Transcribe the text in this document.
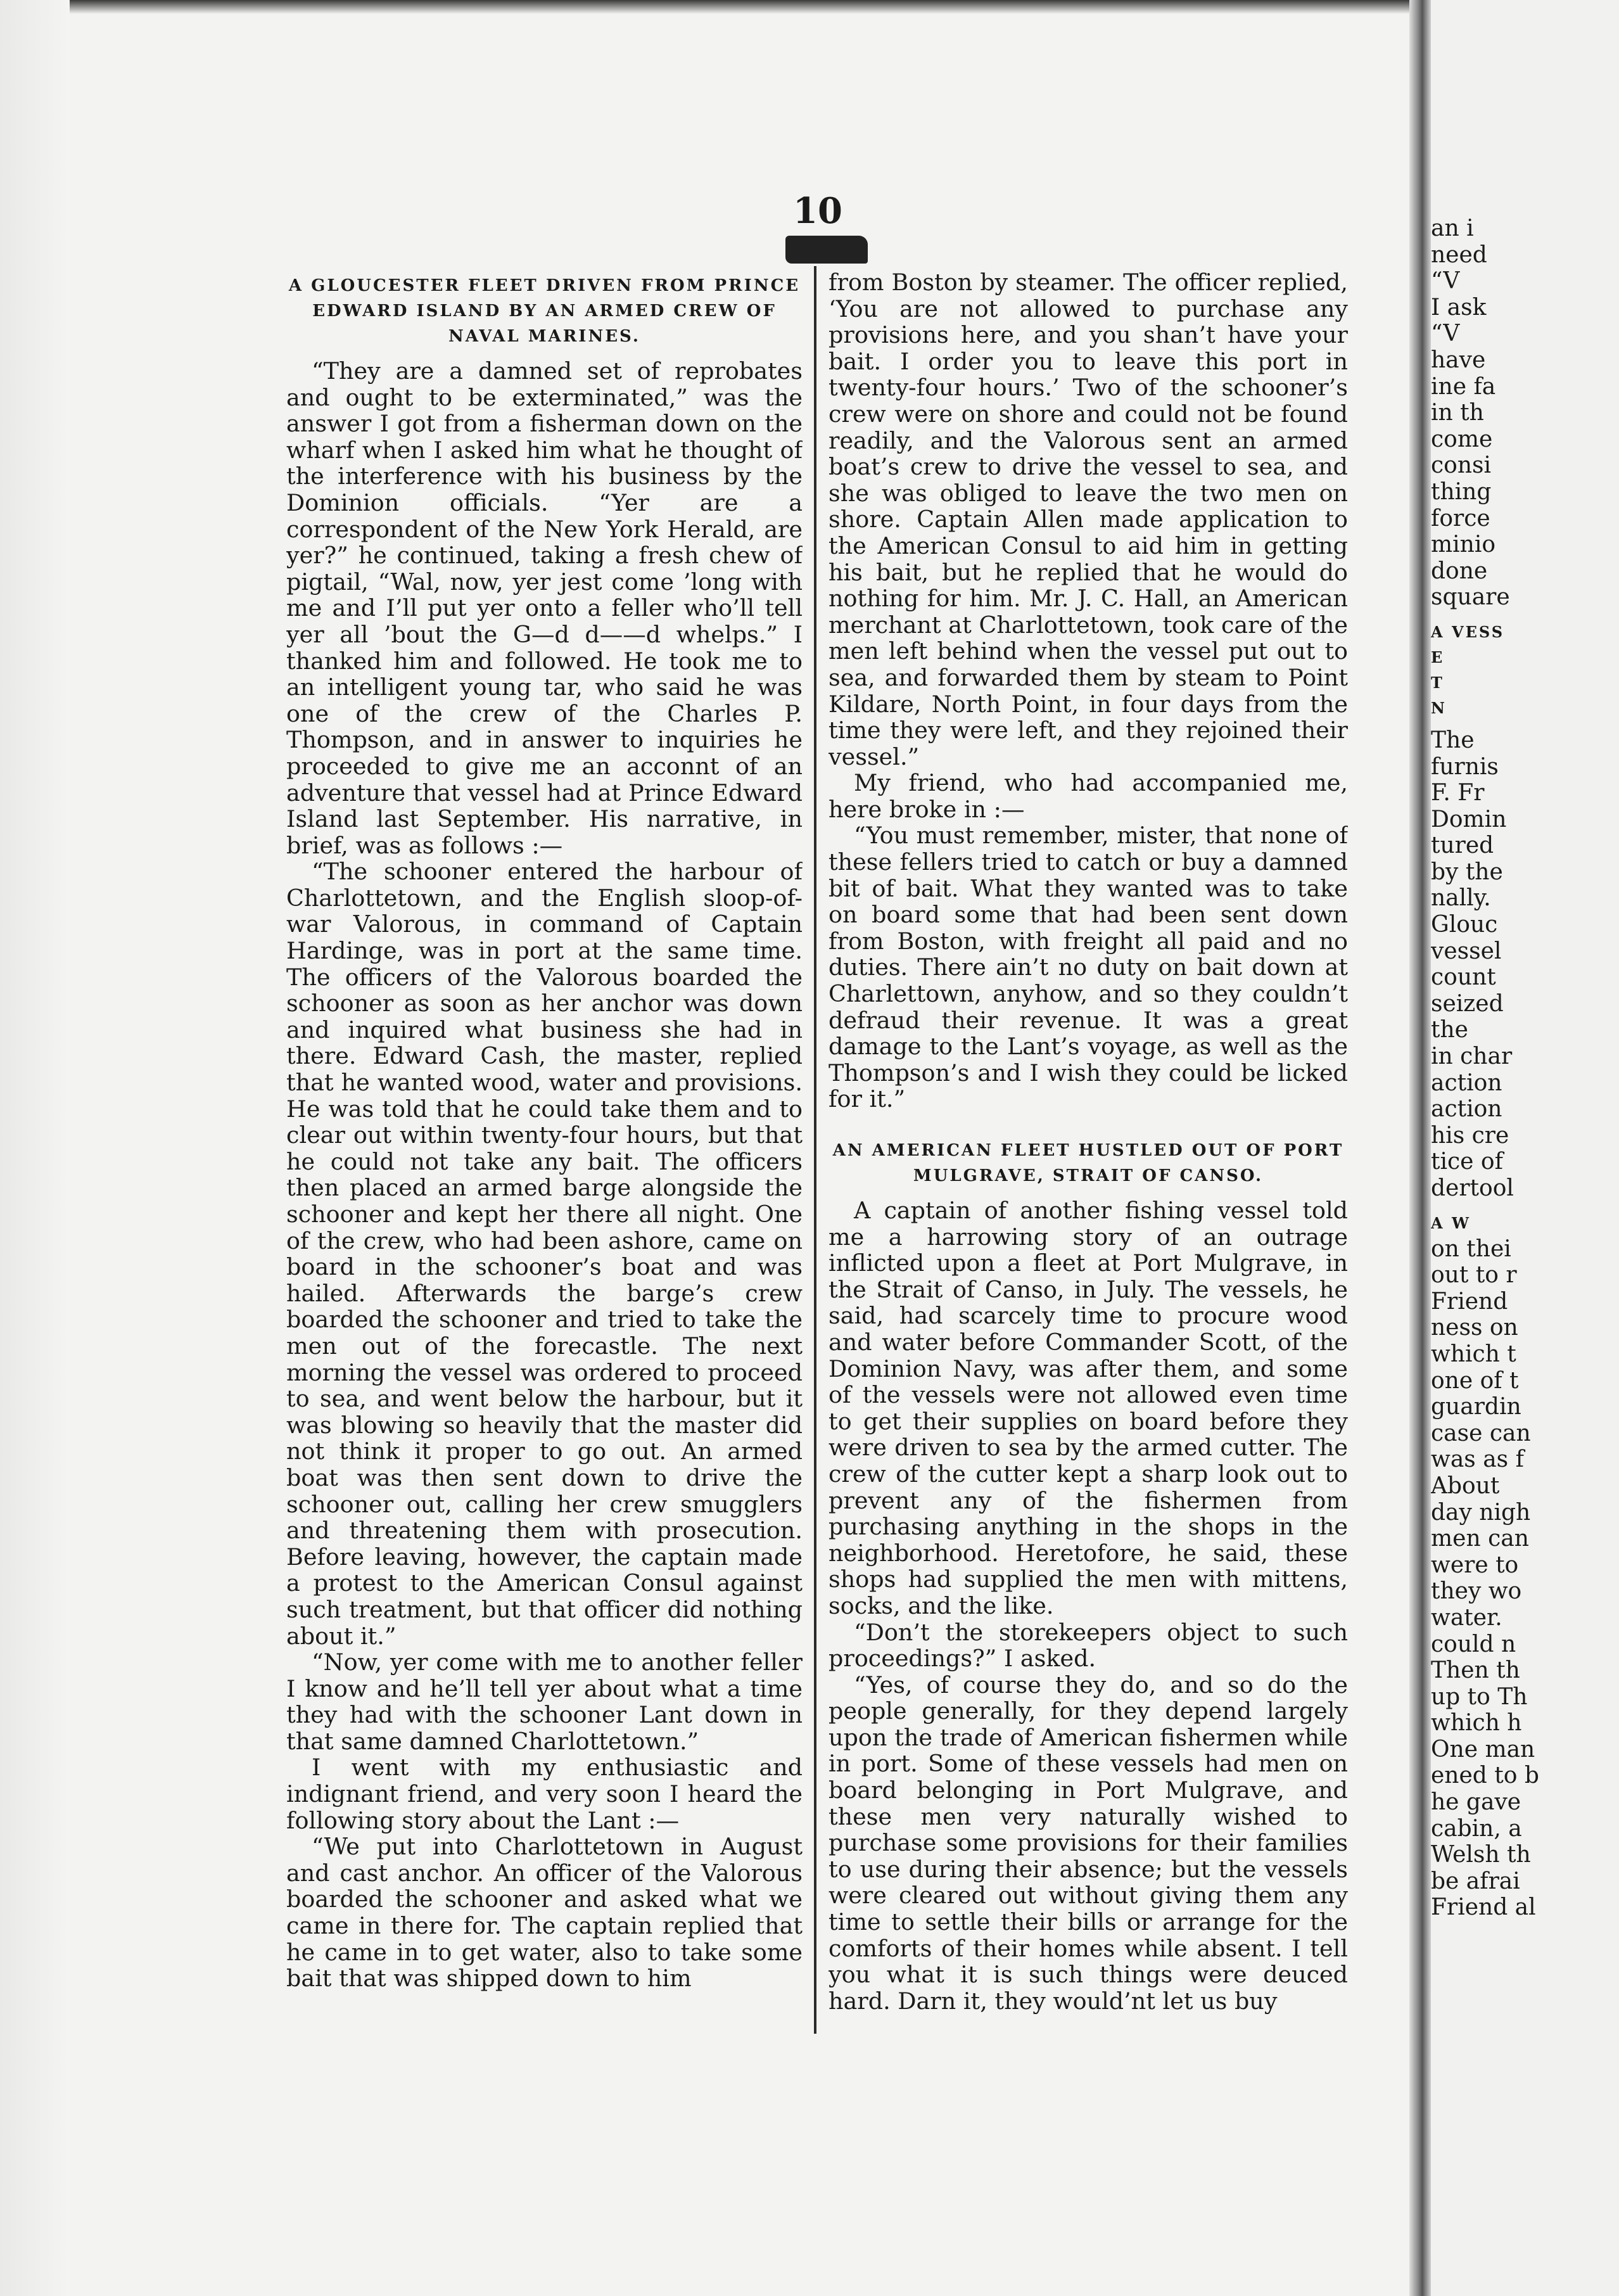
10
A GLOUCESTER FLEET DRIVEN FROM PRINCE EDWARD ISLAND BY AN ARMED CREW OF NAVAL MARINES.

“They are a damned set of reprobates and ought to be exterminated,” was the answer I got from a fisherman down on the wharf when I asked him what he thought of the interference with his business by the Dominion officials. “Yer are a correspondent of the New York Herald, are yer?” he continued, taking a fresh chew of pigtail, “Wal, now, yer jest come ’long with me and I’ll put yer onto a feller who’ll tell yer all ’bout the G—d d——d whelps.” I thanked him and followed. He took me to an intelligent young tar, who said he was one of the crew of the Charles P. Thompson, and in answer to inquiries he proceeded to give me an acconnt of an adventure that vessel had at Prince Edward Island last September. His narrative, in brief, was as follows :—

“The schooner entered the harbour of Charlottetown, and the English sloop-of-war Valorous, in command of Captain Hardinge, was in port at the same time. The officers of the Valorous boarded the schooner as soon as her anchor was down and inquired what business she had in there. Edward Cash, the master, replied that he wanted wood, water and provisions. He was told that he could take them and to clear out within twenty-four hours, but that he could not take any bait. The officers then placed an armed barge alongside the schooner and kept her there all night. One of the crew, who had been ashore, came on board in the schooner’s boat and was hailed. Afterwards the barge’s crew boarded the schooner and tried to take the men out of the forecastle. The next morning the vessel was ordered to proceed to sea, and went below the harbour, but it was blowing so heavily that the master did not think it proper to go out. An armed boat was then sent down to drive the schooner out, calling her crew smugglers and threatening them with prosecution. Before leaving, however, the captain made a protest to the American Consul against such treatment, but that officer did nothing about it.”

“Now, yer come with me to another feller I know and he’ll tell yer about what a time they had with the schooner Lant down in that same damned Charlottetown.”

I went with my enthusiastic and indignant friend, and very soon I heard the following story about the Lant :—

“We put into Charlottetown in August and cast anchor. An officer of the Valorous boarded the schooner and asked what we came in there for. The captain replied that he came in to get water, also to take some bait that was shipped down to him

from Boston by steamer. The officer replied, ‘You are not allowed to purchase any provisions here, and you shan’t have your bait. I order you to leave this port in twenty-four hours.’ Two of the schooner’s crew were on shore and could not be found readily, and the Valorous sent an armed boat’s crew to drive the vessel to sea, and she was obliged to leave the two men on shore. Captain Allen made application to the American Consul to aid him in getting his bait, but he replied that he would do nothing for him. Mr. J. C. Hall, an American merchant at Charlottetown, took care of the men left behind when the vessel put out to sea, and forwarded them by steam to Point Kildare, North Point, in four days from the time they were left, and they rejoined their vessel.”

My friend, who had accompanied me, here broke in :—

“You must remember, mister, that none of these fellers tried to catch or buy a damned bit of bait. What they wanted was to take on board some that had been sent down from Boston, with freight all paid and no duties. There ain’t no duty on bait down at Charlettown, anyhow, and so they couldn’t defraud their revenue. It was a great damage to the Lant’s voyage, as well as the Thompson’s and I wish they could be licked for it.”

AN AMERICAN FLEET HUSTLED OUT OF PORT MULGRAVE, STRAIT OF CANSO.

A captain of another fishing vessel told me a harrowing story of an outrage inflicted upon a fleet at Port Mulgrave, in the Strait of Canso, in July. The vessels, he said, had scarcely time to procure wood and water before Commander Scott, of the Dominion Navy, was after them, and some of the vessels were not allowed even time to get their supplies on board before they were driven to sea by the armed cutter. The crew of the cutter kept a sharp look out to prevent any of the fishermen from purchasing anything in the shops in the neighborhood. Heretofore, he said, these shops had supplied the men with mittens, socks, and the like.

“Don’t the storekeepers object to such proceedings?” I asked.

“Yes, of course they do, and so do the people generally, for they depend largely upon the trade of American fishermen while in port. Some of these vessels had men on board belonging in Port Mulgrave, and these men very naturally wished to purchase some provisions for their families to use during their absence; but the vessels were cleared out without giving them any time to settle their bills or arrange for the comforts of their homes while absent. I tell you what it is such things were deuced hard. Darn it, they would’nt let us buy

an i
need
“V
I ask
“V
have
ine fa
in th
come
consi
thing
force
minio
done
square
A VESS
E
T
N
The
furnis
F. Fr
Domin
tured
by the
nally.
Glouc
vessel
count
seized
the
in char
action
action
his cre
tice of
dertool
A W
on thei
out to r
Friend
ness on
which t
one of t
guardin
case can
was as f
About
day nigh
men can
were to
they wo
water.
could n
Then th
up to Th
which h
One man
ened to b
he gave
cabin, a
Welsh th
be afrai
Friend al
